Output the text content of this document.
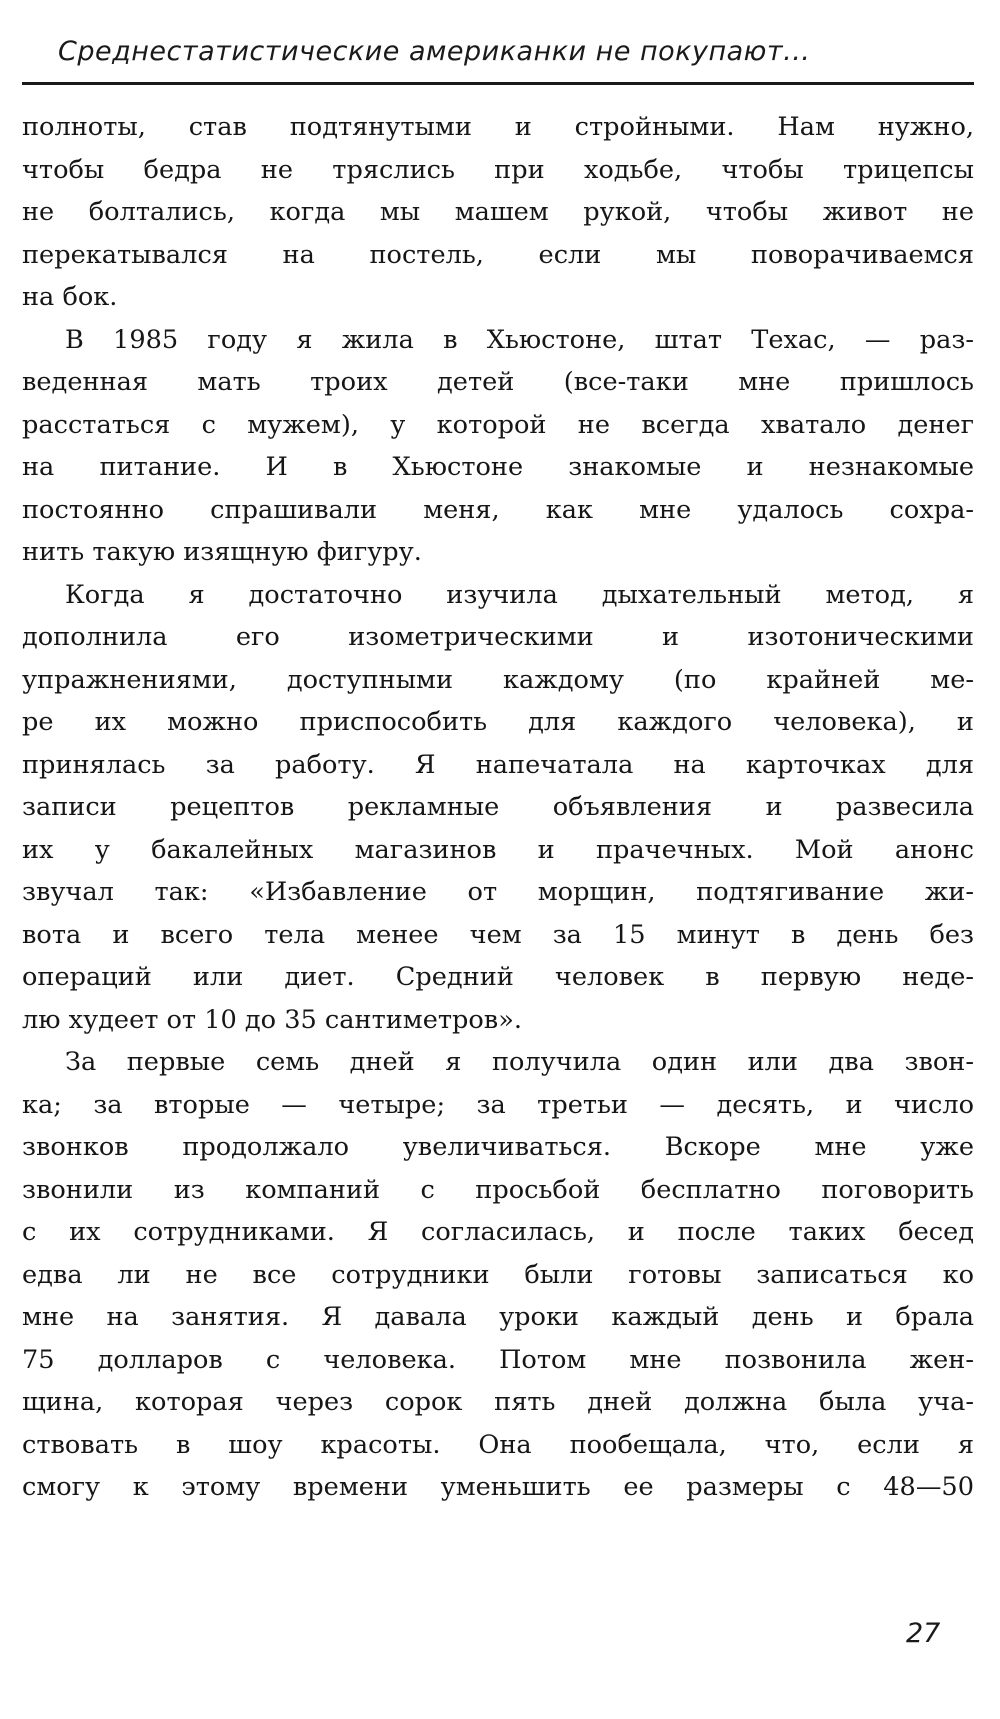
Среднестатистические американки не покупают...
полноты, став подтянутыми и стройными. Нам нужно,
чтобы бедра не тряслись при ходьбе, чтобы трицепсы
не болтались, когда мы машем рукой, чтобы живот не
перекатывался на постель, если мы поворачиваемся
на бок.
В 1985 году я жила в Хьюстоне, штат Техас, — раз-
веденная мать троих детей (все-таки мне пришлось
расстаться с мужем), у которой не всегда хватало денег
на питание. И в Хьюстоне знакомые и незнакомые
постоянно спрашивали меня, как мне удалось сохра-
нить такую изящную фигуру.
Когда я достаточно изучила дыхательный метод, я
дополнила его изометрическими и изотоническими
упражнениями, доступными каждому (по крайней ме-
ре их можно приспособить для каждого человека), и
принялась за работу. Я напечатала на карточках для
записи рецептов рекламные объявления и развесила
их у бакалейных магазинов и прачечных. Мой анонс
звучал так: «Избавление от морщин, подтягивание жи-
вота и всего тела менее чем за 15 минут в день без
операций или диет. Средний человек в первую неде-
лю худеет от 10 до 35 сантиметров».
За первые семь дней я получила один или два звон-
ка; за вторые — четыре; за третьи — десять, и число
звонков продолжало увеличиваться. Вскоре мне уже
звонили из компаний с просьбой бесплатно поговорить
с их сотрудниками. Я согласилась, и после таких бесед
едва ли не все сотрудники были готовы записаться ко
мне на занятия. Я давала уроки каждый день и брала
75 долларов с человека. Потом мне позвонила жен-
щина, которая через сорок пять дней должна была уча-
ствовать в шоу красоты. Она пообещала, что, если я
смогу к этому времени уменьшить ее размеры с 48—50
27
